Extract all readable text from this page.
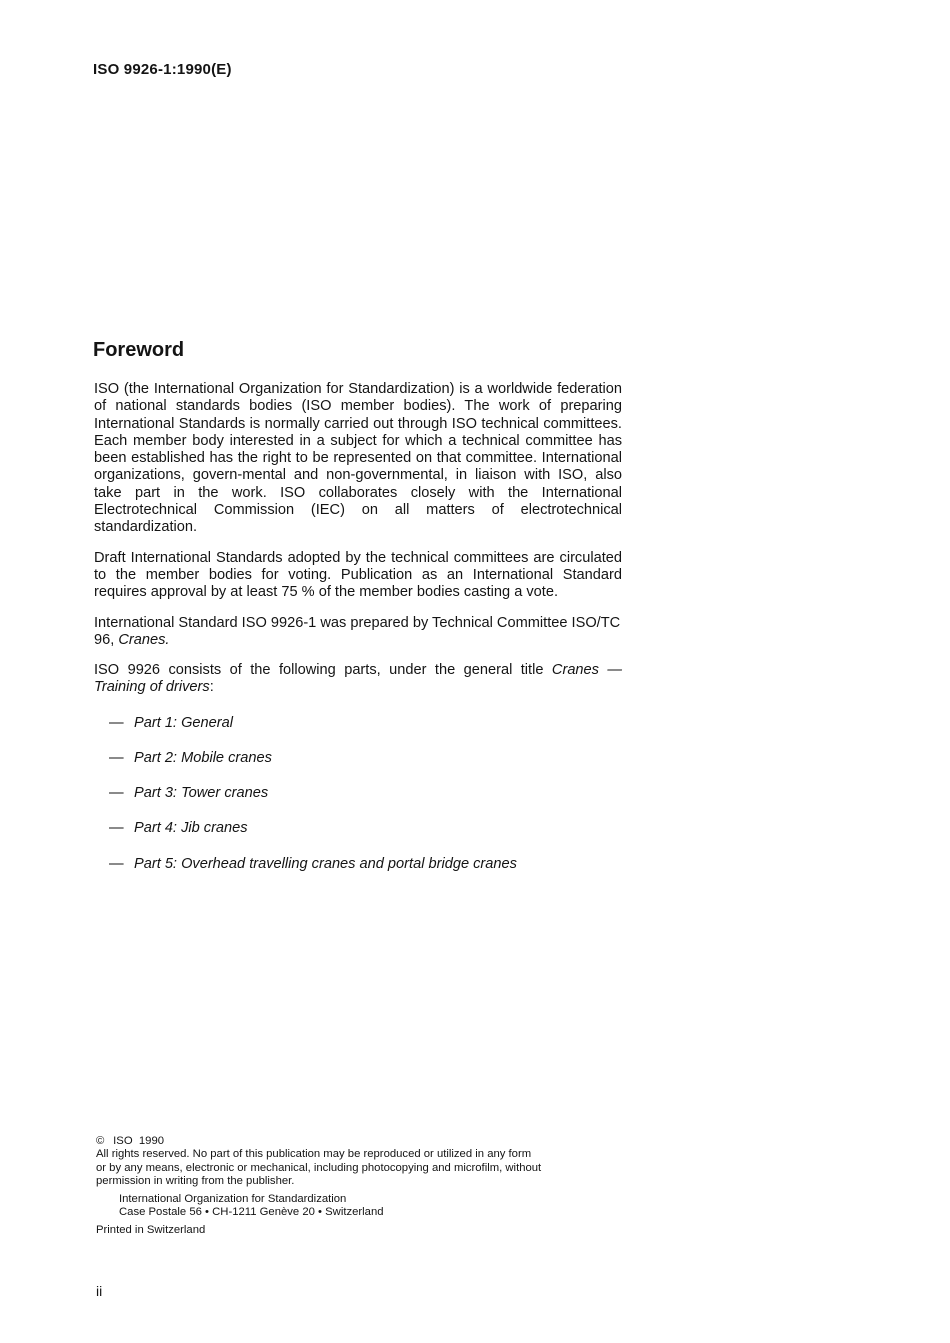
ISO 9926-1:1990(E)
Foreword

ISO (the International Organization for Standardization) is a worldwide federation of national standards bodies (ISO member bodies). The work of preparing International Standards is normally carried out through ISO technical committees. Each member body interested in a subject for which a technical committee has been established has the right to be represented on that committee. International organizations, govern-mental and non-governmental, in liaison with ISO, also take part in the work. ISO collaborates closely with the International Electrotechnical Commission (IEC) on all matters of electrotechnical standardization.

Draft International Standards adopted by the technical committees are circulated to the member bodies for voting. Publication as an International Standard requires approval by at least 75 % of the member bodies casting a vote.

International Standard ISO 9926-1 was prepared by Technical Committee ISO/TC 96, Cranes.

ISO 9926 consists of the following parts, under the general title Cranes — Training of drivers:

— Part 1: General
— Part 2: Mobile cranes
— Part 3: Tower cranes
— Part 4: Jib cranes
— Part 5: Overhead travelling cranes and portal bridge cranes
© ISO  1990
All rights reserved. No part of this publication may be reproduced or utilized in any form
or by any means, electronic or mechanical, including photocopying and microfilm, without
permission in writing from the publisher.
International Organization for Standardization
Case Postale 56 • CH-1211 Genève 20 • Switzerland
Printed in Switzerland
ii
